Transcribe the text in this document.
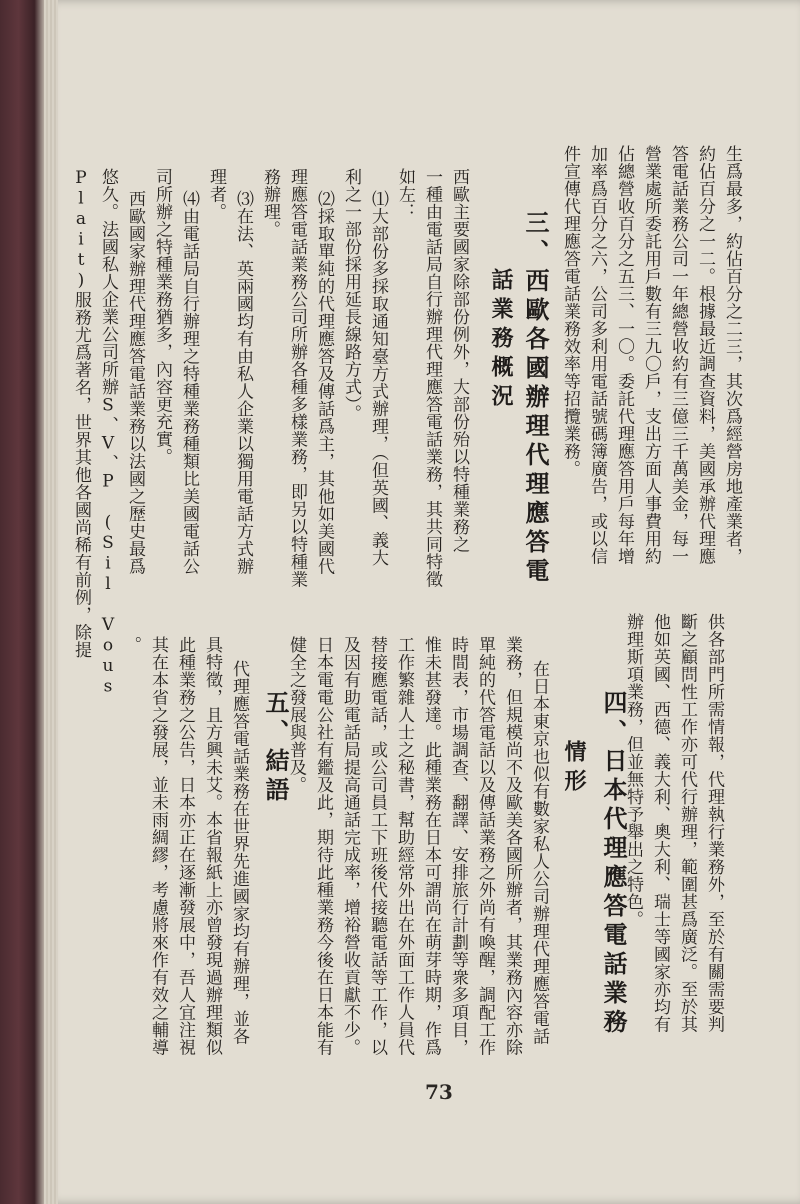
供各部門所需情報，代理執行業務外，至於有關需要判
斷之顧問性工作亦可代行辦理，範圍甚爲廣泛。至於其
他如英國、西德、義大利、奧大利、瑞士等國家亦均有
辦理斯項業務，但並無特予舉出之特色。
生爲最多，約佔百分之二三，其次爲經營房地產業者，
約佔百分之一二。根據最近調查資料，美國承辦代理應
答電話業務公司一年總營收約有三億三千萬美金，每一
營業處所委託用戶數有三九〇戶，支出方面人事費用約
佔總營收百分之五三、一〇。委託代理應答用戶每年增
加率爲百分之六，公司多利用電話號碼簿廣告，或以信
件宣傳代理應答電話業務效率等招攬業務。
三、西歐各國辦理代理應答電
話業務概況
西歐主要國家除部份例外，大部份殆以特種業務之
一種由電話局自行辦理代理應答電話業務，其共同特徵
如左：
⑴大部份多採取通知臺方式辦理，（但英國、義大
利之一部份採用延長線路方式）。
⑵採取單純的代理應答及傳話爲主，其他如美國代
理應答電話業務公司所辦各種多樣業務，即另以特種業
務辦理。
⑶在法、英兩國均有由私人企業以獨用電話方式辦
理者。
⑷由電話局自行辦理之特種業務種類比美國電話公
司所辦之特種業務猶多，內容更充實。
西歐國家辦理代理應答電話業務以法國之歷史最爲
悠久。法國私人企業公司所辦S、V、P (Sil Vous
Plait)服務尤爲著名，世界其他各國尚稀有前例，除提
四、日本代理應答電話業務
情形
在日本東京也似有數家私人公司辦理代理應答電話
業務，但規模尚不及歐美各國所辦者，其業務內容亦除
單純的代答電話以及傳話業務之外尚有喚醒，調配工作
時間表，市場調查、翻譯、安排旅行計劃等衆多項目，
惟未甚發達。此種業務在日本可謂尚在萌芽時期，作爲
工作繁雜人士之秘書，幫助經常外出在外面工作人員代
替接應電話，或公司員工下班後代接聽電話等工作，以
及因有助電話局提高通話完成率，增裕營收貢獻不少。
日本電電公社有鑑及此，期待此種業務今後在日本能有
健全之發展與普及。
五、結語
代理應答電話業務在世界先進國家均有辦理，並各
具特徵，且方興未艾。本省報紙上亦曾發現過辦理類似
此種業務之公告，日本亦正在逐漸發展中，吾人宜注視
其在本省之發展，並未雨綢繆，考慮將來作有效之輔導
。
73
